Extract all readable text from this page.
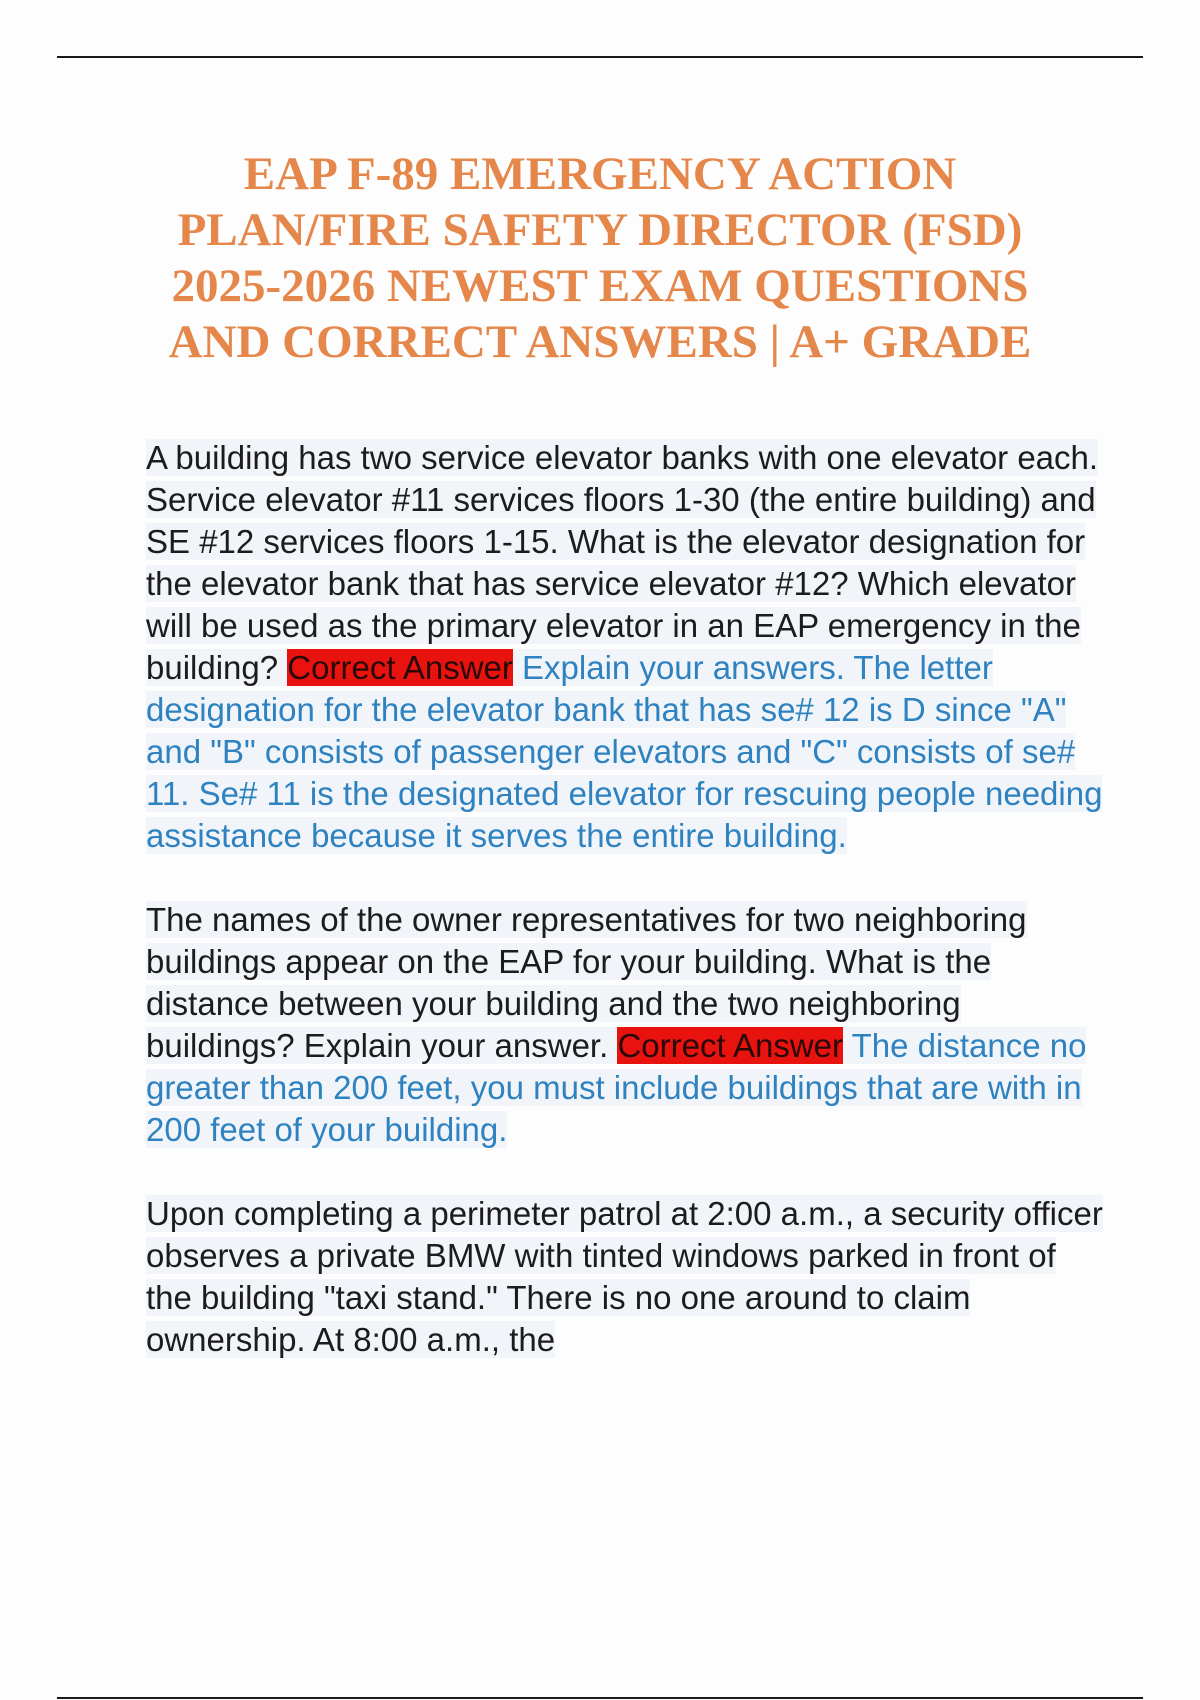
EAP F-89 EMERGENCY ACTION
PLAN/FIRE SAFETY DIRECTOR (FSD)
2025-2026 NEWEST EXAM QUESTIONS
AND CORRECT ANSWERS | A+ GRADE

A building has two service elevator banks with one elevator each. Service elevator #11 services floors 1-30 (the entire building) and SE #12 services floors 1-15. What is the elevator designation for the elevator bank that has service elevator #12? Which elevator will be used as the primary elevator in an EAP emergency in the building? Correct Answer Explain your answers. The letter designation for the elevator bank that has se# 12 is D since "A" and "B" consists of passenger elevators and "C" consists of se# 11. Se# 11 is the designated elevator for rescuing people needing assistance because it serves the entire building.

The names of the owner representatives for two neighboring buildings appear on the EAP for your building. What is the distance between your building and the two neighboring buildings? Explain your answer. Correct Answer The distance no greater than 200 feet, you must include buildings that are with in 200 feet of your building.

Upon completing a perimeter patrol at 2:00 a.m., a security officer observes a private BMW with tinted windows parked in front of the building "taxi stand." There is no one around to claim ownership. At 8:00 a.m., the
